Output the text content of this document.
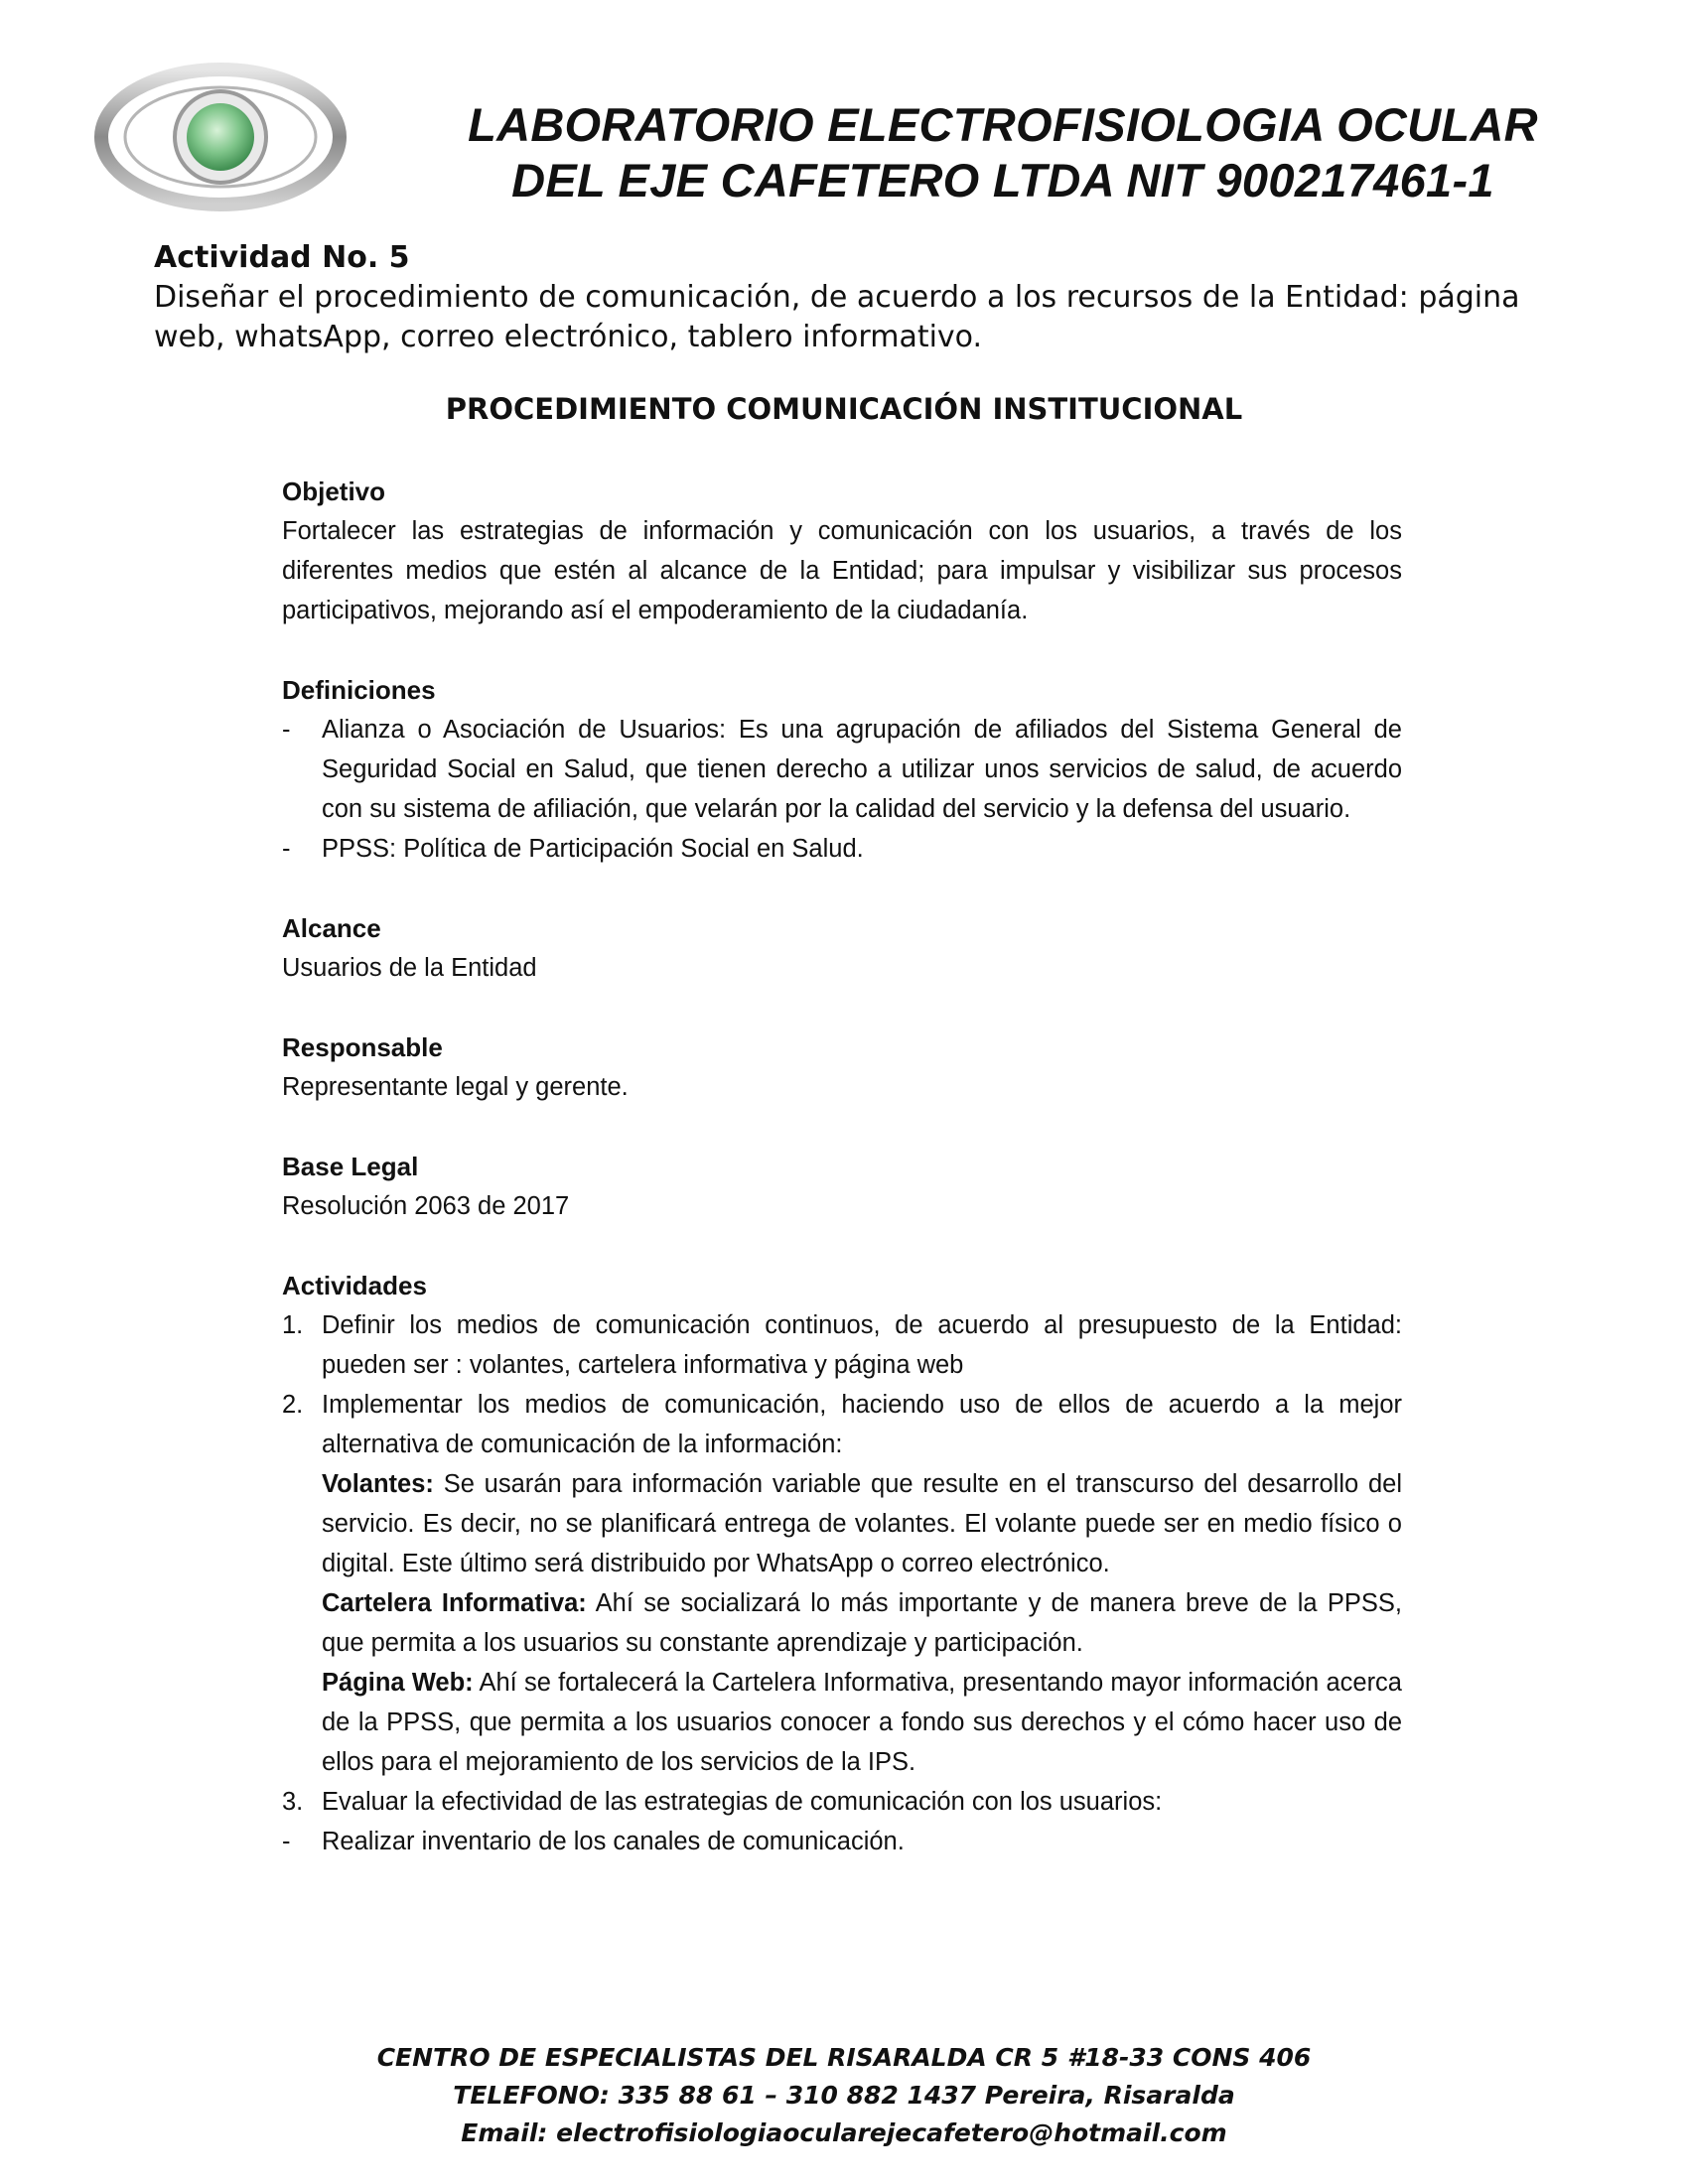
LABORATORIO ELECTROFISIOLOGIA OCULAR
DEL EJE CAFETERO LTDA NIT 900217461-1
Actividad No. 5
Diseñar el procedimiento de comunicación, de acuerdo a los recursos de la Entidad: página web, whatsApp, correo electrónico, tablero informativo.
PROCEDIMIENTO COMUNICACIÓN INSTITUCIONAL

Objetivo

Fortalecer las estrategias de información y comunicación con los usuarios, a través de los diferentes medios que estén al alcance de la Entidad; para impulsar y visibilizar sus procesos participativos, mejorando así el empoderamiento de la ciudadanía.

Definiciones

-	Alianza o Asociación de Usuarios: Es una agrupación de afiliados del Sistema General de Seguridad Social en Salud, que tienen derecho a utilizar unos servicios de salud, de acuerdo con su sistema de afiliación, que velarán por la calidad del servicio y la defensa del usuario.
-	PPSS: Política de Participación Social en Salud.

Alcance

Usuarios de la Entidad

Responsable

Representante legal y gerente.

Base Legal

Resolución 2063 de 2017

Actividades

1. Definir los medios de comunicación continuos, de acuerdo al presupuesto de la Entidad: pueden ser : volantes, cartelera informativa y página web
2. Implementar los medios de comunicación, haciendo uso de ellos de acuerdo a la mejor alternativa de comunicación de la información:
Volantes: Se usarán para información variable que resulte en el transcurso del desarrollo del servicio. Es decir, no se planificará entrega de volantes. El volante puede ser en medio físico o digital. Este último será distribuido por WhatsApp o correo electrónico.
Cartelera Informativa: Ahí se socializará lo más importante y de manera breve de la PPSS, que permita a los usuarios su constante aprendizaje y participación.
Página Web: Ahí se fortalecerá la Cartelera Informativa, presentando mayor información acerca de la PPSS, que permita a los usuarios conocer a fondo sus derechos y el cómo hacer uso de ellos para el mejoramiento de los servicios de la IPS.
3. Evaluar la efectividad de las estrategias de comunicación con los usuarios:
-	Realizar inventario de los canales de comunicación.
CENTRO DE ESPECIALISTAS DEL RISARALDA CR 5 #18-33 CONS 406
TELEFONO: 335 88 61 – 310 882 1437 Pereira, Risaralda
Email: electrofisiologiaocularejecafetero@hotmail.com
